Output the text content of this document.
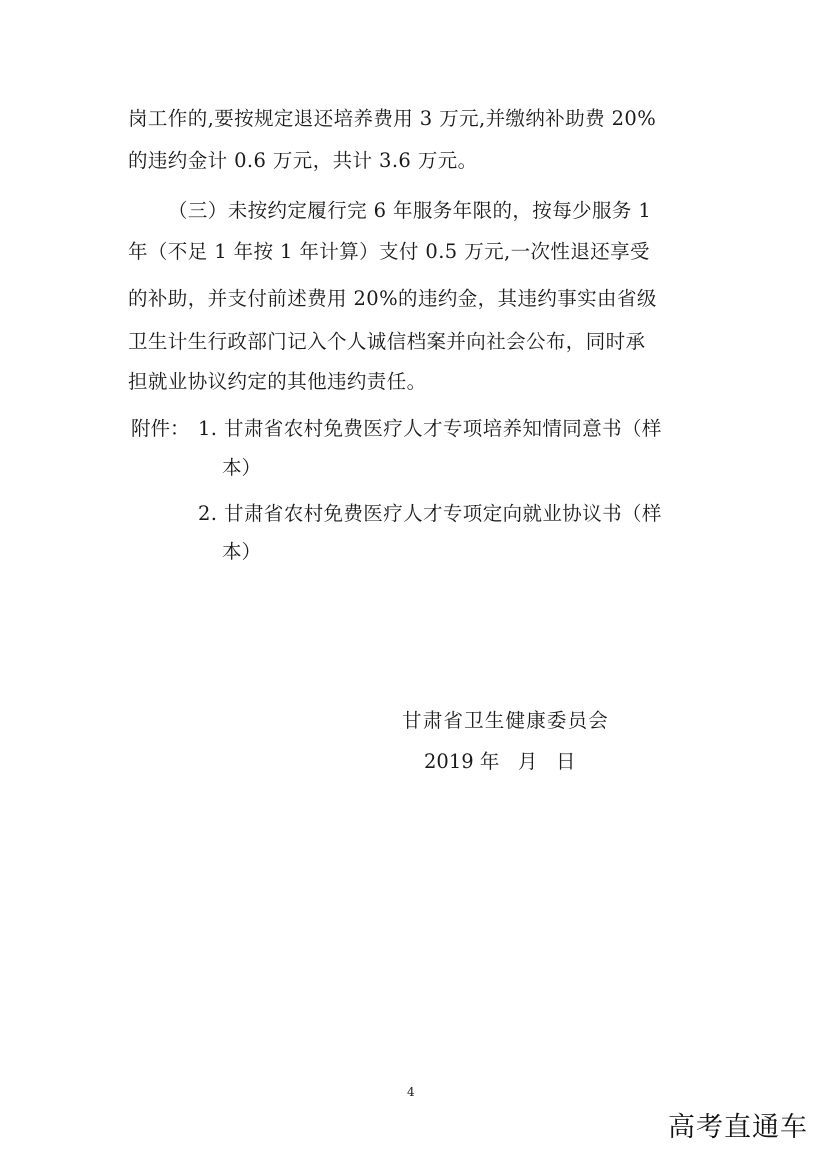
岗工作的,要按规定退还培养费用 3 万元,并缴纳补助费 20%
的违约金计 0.6 万元，共计 3.6 万元。
（三）未按约定履行完 6 年服务年限的，按每少服务 1
年（不足 1 年按 1 年计算）支付 0.5 万元,一次性退还享受
的补助，并支付前述费用 20%的违约金，其违约事实由省级
卫生计生行政部门记入个人诚信档案并向社会公布，同时承
担就业协议约定的其他违约责任。
附件： 1. 甘肃省农村免费医疗人才专项培养知情同意书（样
本）
2. 甘肃省农村免费医疗人才专项定向就业协议书（样
本）
甘肃省卫生健康委员会
2019 年   月   日
4
高考直通车
